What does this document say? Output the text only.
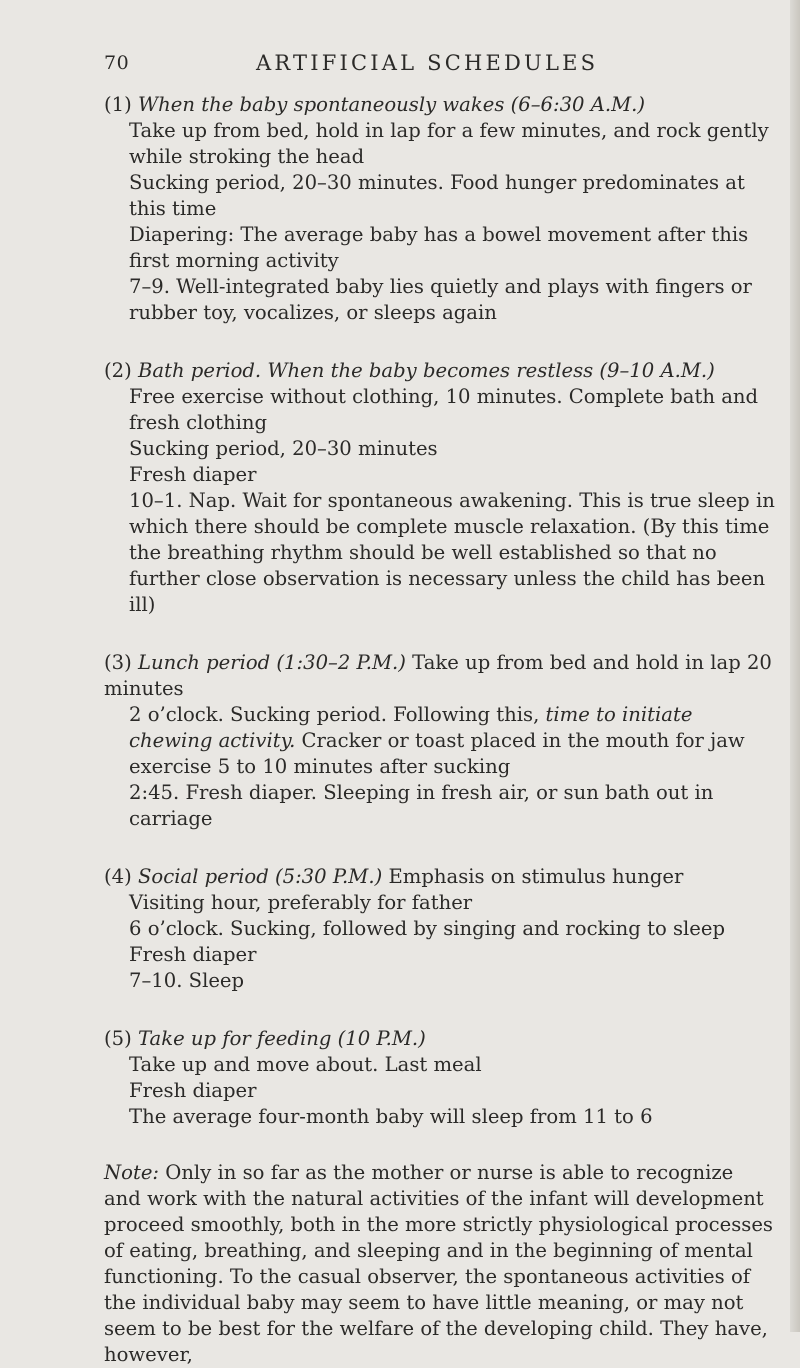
70	ARTIFICIAL SCHEDULES

(1) When the baby spontaneously wakes (6–6:30 A.M.)

Take up from bed, hold in lap for a few minutes, and rock gently while stroking the head

Sucking period, 20–30 minutes. Food hunger predominates at this time

Diapering: The average baby has a bowel movement after this first morning activity

7–9. Well-integrated baby lies quietly and plays with fingers or rubber toy, vocalizes, or sleeps again

(2) Bath period. When the baby becomes restless (9–10 A.M.)

Free exercise without clothing, 10 minutes. Complete bath and fresh clothing

Sucking period, 20–30 minutes

Fresh diaper

10–1. Nap. Wait for spontaneous awakening. This is true sleep in which there should be complete muscle relaxation. (By this time the breathing rhythm should be well established so that no further close observation is necessary unless the child has been ill)

(3) Lunch period (1:30–2 P.M.) Take up from bed and hold in lap 20 minutes

2 o’clock. Sucking period. Following this, time to initiate chewing activity. Cracker or toast placed in the mouth for jaw exercise 5 to 10 minutes after sucking

2:45. Fresh diaper. Sleeping in fresh air, or sun bath out in carriage

(4) Social period (5:30 P.M.) Emphasis on stimulus hunger

Visiting hour, preferably for father

6 o’clock. Sucking, followed by singing and rocking to sleep

Fresh diaper

7–10. Sleep

(5) Take up for feeding (10 P.M.)

Take up and move about. Last meal

Fresh diaper

The average four-month baby will sleep from 11 to 6

Note: Only in so far as the mother or nurse is able to recognize and work with the natural activities of the infant will development proceed smoothly, both in the more strictly physiological processes of eating, breathing, and sleeping and in the beginning of mental functioning. To the casual observer, the spontaneous activities of the individual baby may seem to have little meaning, or may not seem to be best for the welfare of the developing child. They have, however,
